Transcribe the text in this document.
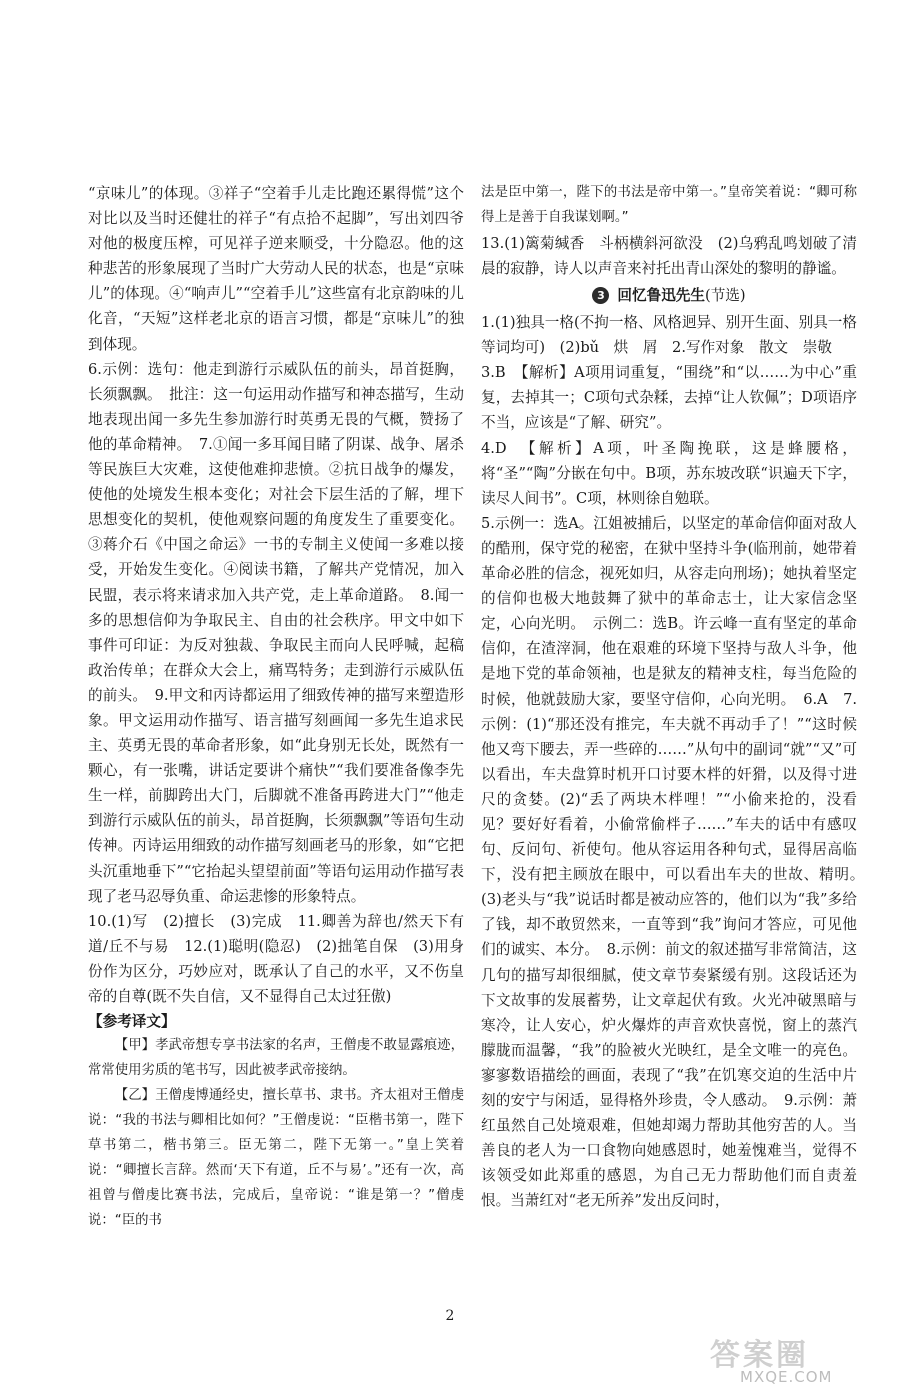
“京味儿”的体现。③祥子“空着手儿走比跑还累得慌”这个对比以及当时还健壮的祥子“有点拾不起脚”，写出刘四爷对他的极度压榨，可见祥子逆来顺受，十分隐忍。他的这种悲苦的形象展现了当时广大劳动人民的状态，也是“京味儿”的体现。④“响声儿”“空着手儿”这些富有北京韵味的儿化音，“天短”这样老北京的语言习惯，都是“京味儿”的独到体现。

6.示例：选句：他走到游行示威队伍的前头，昂首挺胸，长须飘飘。　批注：这一句运用动作描写和神态描写，生动地表现出闻一多先生参加游行时英勇无畏的气概，赞扬了他的革命精神。　7.①闻一多耳闻目睹了阴谋、战争、屠杀等民族巨大灾难，这使他难抑悲愤。②抗日战争的爆发，使他的处境发生根本变化；对社会下层生活的了解，埋下思想变化的契机，使他观察问题的角度发生了重要变化。③蒋介石《中国之命运》一书的专制主义使闻一多难以接受，开始发生变化。④阅读书籍，了解共产党情况，加入民盟，表示将来请求加入共产党，走上革命道路。　8.闻一多的思想信仰为争取民主、自由的社会秩序。甲文中如下事件可印证：为反对独裁、争取民主而向人民呼喊，起稿政治传单；在群众大会上，痛骂特务；走到游行示威队伍的前头。　9.甲文和丙诗都运用了细致传神的描写来塑造形象。甲文运用动作描写、语言描写刻画闻一多先生追求民主、英勇无畏的革命者形象，如“此身别无长处，既然有一颗心，有一张嘴，讲话定要讲个痛快”“我们要准备像李先生一样，前脚跨出大门，后脚就不准备再跨进大门”“他走到游行示威队伍的前头，昂首挺胸，长须飘飘”等语句生动传神。丙诗运用细致的动作描写刻画老马的形象，如“它把头沉重地垂下”“它抬起头望望前面”等语句运用动作描写表现了老马忍辱负重、命运悲惨的形象特点。

10.(1)写　(2)擅长　(3)完成　11.卿善为辞也/然天下有道/丘不与易　12.(1)聪明(隐忍)　(2)拙笔自保　(3)用身份作为区分，巧妙应对，既承认了自己的水平，又不伤皇帝的自尊(既不失自信，又不显得自己太过狂傲)

【参考译文】

【甲】孝武帝想专享书法家的名声，王僧虔不敢显露痕迹，常常使用劣质的笔书写，因此被孝武帝接纳。

【乙】王僧虔博通经史，擅长草书、隶书。齐太祖对王僧虔说：“我的书法与卿相比如何？”王僧虔说：“臣楷书第一，陛下草书第二，楷书第三。臣无第二，陛下无第一。”皇上笑着说：“卿擅长言辞。然而‘天下有道，丘不与易’。”还有一次，高祖曾与僧虔比赛书法，完成后，皇帝说：“谁是第一？”僧虔说：“臣的书

法是臣中第一，陛下的书法是帝中第一。”皇帝笑着说：“卿可称得上是善于自我谋划啊。”

13.(1)篱菊缄香　斗柄横斜河欲没　(2)乌鸦乱鸣划破了清晨的寂静，诗人以声音来衬托出青山深处的黎明的静谧。

3 回忆鲁迅先生(节选)

1.(1)独具一格(不拘一格、风格迥异、别开生面、别具一格等词均可)　(2)bǔ　烘　屑　2.写作对象　散文　崇敬

3.B　【解析】A项用词重复，“围绕”和“以……为中心”重复，去掉其一；C项句式杂糅，去掉“让人钦佩”；D项语序不当，应该是“了解、研究”。

4.D　【解析】A项，叶圣陶挽联，这是蜂腰格，将“圣”“陶”分嵌在句中。B项，苏东坡改联“识遍天下字，读尽人间书”。C项，林则徐自勉联。

5.示例一：选A。江姐被捕后，以坚定的革命信仰面对敌人的酷刑，保守党的秘密，在狱中坚持斗争(临刑前，她带着革命必胜的信念，视死如归，从容走向刑场)；她执着坚定的信仰也极大地鼓舞了狱中的革命志士，让大家信念坚定，心向光明。　示例二：选B。许云峰一直有坚定的革命信仰，在渣滓洞，他在艰难的环境下坚持与敌人斗争，他是地下党的革命领袖，也是狱友的精神支柱，每当危险的时候，他就鼓励大家，要坚守信仰，心向光明。　6.A　7.示例：(1)“那还没有推完，车夫就不再动手了！”“这时候他又弯下腰去，弄一些碎的……”从句中的副词“就”“又”可以看出，车夫盘算时机开口讨要木柈的奸猾，以及得寸进尺的贪婪。(2)“丢了两块木柈哩！”“小偷来抢的，没看见？要好好看着，小偷常偷柈子……”车夫的话中有感叹句、反问句、祈使句。他从容运用各种句式，显得居高临下，没有把主顾放在眼中，可以看出车夫的世故、精明。　(3)老头与“我”说话时都是被动应答的，他们以为“我”多给了钱，却不敢贸然来，一直等到“我”询问才答应，可见他们的诚实、本分。　8.示例：前文的叙述描写非常简洁，这几句的描写却很细腻，使文章节奏紧缓有别。这段话还为下文故事的发展蓄势，让文章起伏有致。火光冲破黑暗与寒冷，让人安心，炉火爆炸的声音欢快喜悦，窗上的蒸汽朦胧而温馨，“我”的脸被火光映红，是全文唯一的亮色。寥寥数语描绘的画面，表现了“我”在饥寒交迫的生活中片刻的安宁与闲适，显得格外珍贵，令人感动。　9.示例：萧红虽然自己处境艰难，但她却竭力帮助其他穷苦的人。当善良的老人为一口食物向她感恩时，她羞愧难当，觉得不该领受如此郑重的感恩，为自己无力帮助他们而自责羞恨。当萧红对“老无所养”发出反问时，

2
答案圈
MXQE.COM
